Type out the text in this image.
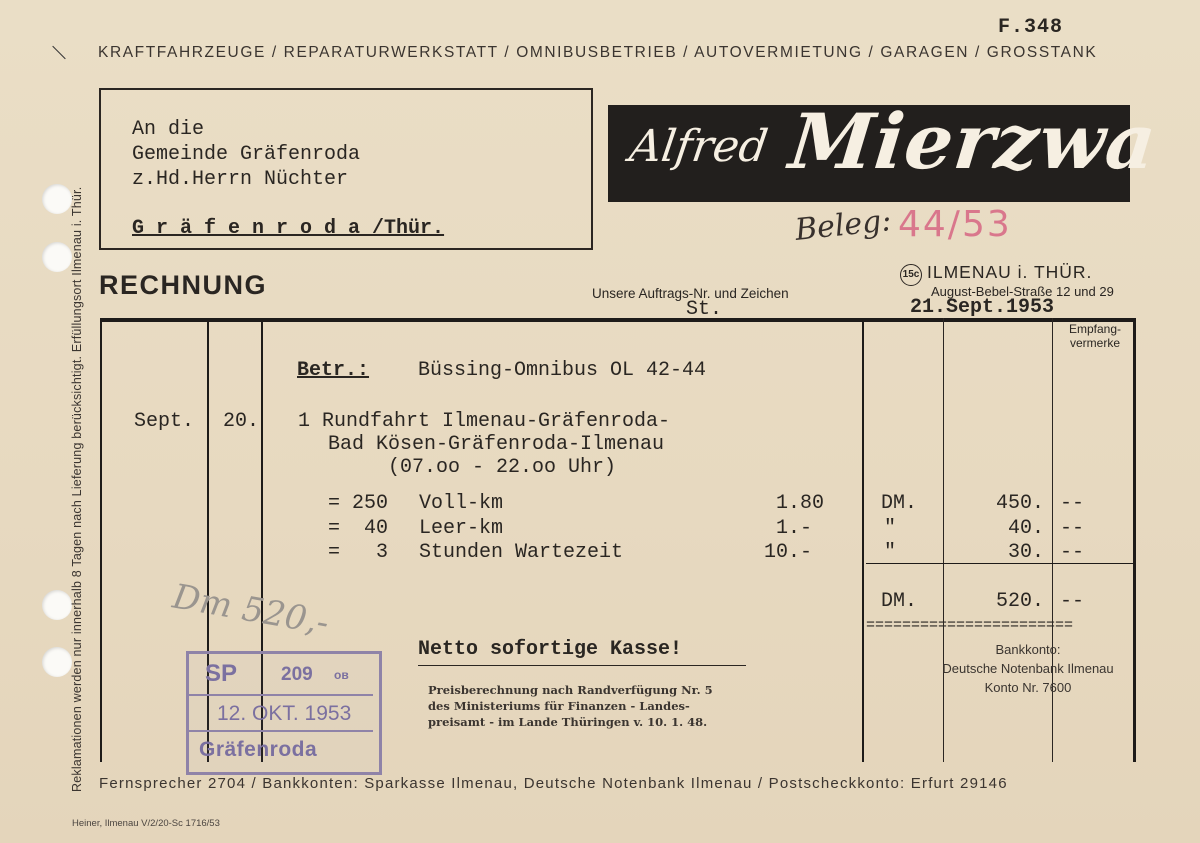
F.348
KRAFTFAHRZEUGE / REPARATURWERKSTATT / OMNIBUSBETRIEB / AUTOVERMIETUNG / GARAGEN / GROSSTANK
Reklamationen werden nur innerhalb 8 Tagen nach Lieferung berücksichtigt. Erfüllungsort Ilmenau i. Thür.
An die
Gemeinde Gräfenroda
z.Hd.Herrn Nüchter
G r ä f e n r o d a /Thür.
Alfred Mierzwa
Beleg: 44/53
RECHNUNG	Unsere Auftrags-Nr. und Zeichen
St.
15c ILMENAU i. THÜR.
August-Bebel-Straße 12 und 29
21.Sept.1953
Empfang- vermerke
Betr.: Büssing-Omnibus OL 42-44
Sept. 20. 1 Rundfahrt Ilmenau-Gräfenroda-
Bad Kösen-Gräfenroda-Ilmenau
(07.oo - 22.oo Uhr)
= 250 Voll-km	1.80	DM.	450. --
=  40 Leer-km	1.-	"	40. --
=   3 Stunden Wartezeit	10.-	"	30. --
DM.	520. --
=======================
Bankkonto:
Deutsche Notenbank Ilmenau
Konto Nr. 7600
Netto sofortige Kasse!
Preisberechnung nach Randverfügung Nr. 5
des Ministeriums für Finanzen - Landes-
preisamt - im Lande Thüringen v. 10. 1. 48.
Dm 520,-
SP 209 ов
12. OKT. 1953
Gräfenroda
Fernsprecher 2704 / Bankkonten: Sparkasse Ilmenau, Deutsche Notenbank Ilmenau / Postscheckkonto: Erfurt 29146
Heiner, Ilmenau V/2/20-Sc 1716/53
